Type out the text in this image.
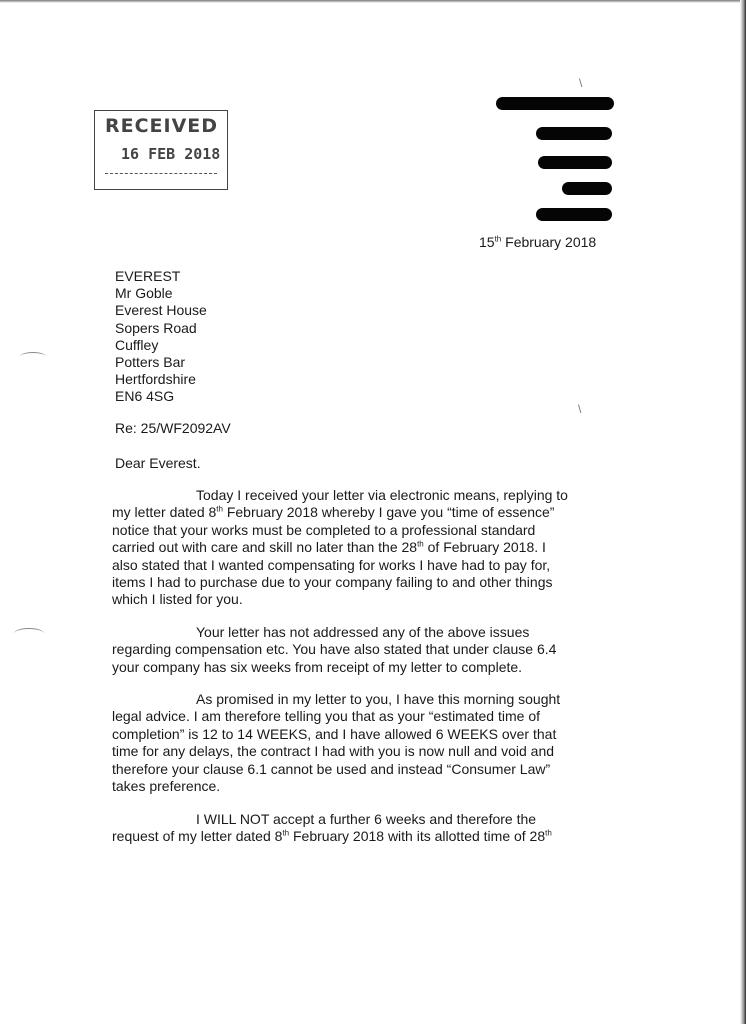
RECEIVED
16 FEB 2018
\
\
15th February 2018
EVEREST
Mr Goble
Everest House
Sopers Road
Cuffley
Potters Bar
Hertfordshire
EN6 4SG
Re: 25/WF2092AV
Dear Everest.
Today I received your letter via electronic means, replying to
my letter dated 8th February 2018 whereby I gave you “time of essence”
notice that your works must be completed to a professional standard
carried out with care and skill no later than the 28th of February 2018. I
also stated that I wanted compensating for works I have had to pay for,
items I had to purchase due to your company failing to and other things
which I listed for you.
Your letter has not addressed any of the above issues
regarding compensation etc. You have also stated that under clause 6.4
your company has six weeks from receipt of my letter to complete.
As promised in my letter to you, I have this morning sought
legal advice. I am therefore telling you that as your “estimated time of
completion” is 12 to 14 WEEKS, and I have allowed 6 WEEKS over that
time for any delays, the contract I had with you is now null and void and
therefore your clause 6.1 cannot be used and instead “Consumer Law”
takes preference.
I WILL NOT accept a further 6 weeks and therefore the
request of my letter dated 8th February 2018 with its allotted time of 28th
